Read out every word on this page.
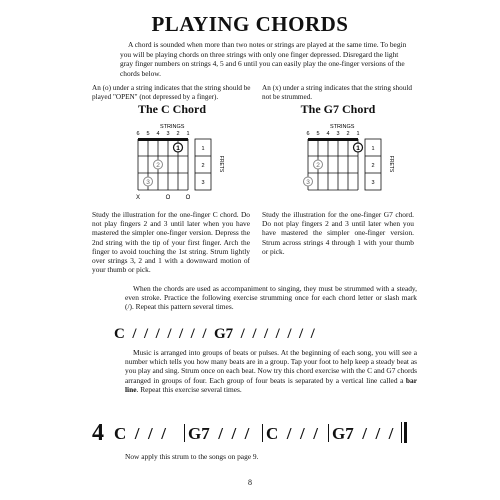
PLAYING CHORDS
A chord is sounded when more than two notes or strings are played at the same time. To begin you will be playing chords on three strings with only one finger depressed. Disregard the light gray finger numbers on strings 4, 5 and 6 until you can easily play the one-finger versions of the chords below.
An (o) under a string indicates that the string should be played "OPEN" (not depressed by a finger).
An (x) under a string indicates that the string should not be strummed.
The C Chord	The G7 Chord
STRINGS
6 5 4 3 2 1
1
2
3
X	O	O
1
2
3
FRETS
STRINGS
6 5 4 3 2 1
1
2
3
1
2
3
FRETS
Study the illustration for the one-finger C chord. Do not play fingers 2 and 3 until later when you have mastered the simpler one-finger version. Depress the 2nd string with the tip of your first finger. Arch the finger to avoid touching the 1st string. Strum lightly over strings 3, 2 and 1 with a downward motion of your thumb or pick.
Study the illustration for the one-finger G7 chord. Do not play fingers 2 and 3 until later when you have mastered the simpler one-finger version. Strum across strings 4 through 1 with your thumb or pick.
When the chords are used as accompaniment to singing, they must be strummed with a steady, even stroke. Practice the following exercise strumming once for each chord letter or slash mark (/). Repeat this pattern several times.
C  /  /  /  /  /  /  /  G7  /  /  /  /  /  /  /
Music is arranged into groups of beats or pulses. At the beginning of each song, you will see a number which tells you how many beats are in a group. Tap your foot to help keep a steady beat as you play and sing. Strum once on each beat. Now try this chord exercise with the C and G7 chords arranged in groups of four. Each group of four beats is separated by a vertical line called a bar line. Repeat this exercise several times.
4 C  /  /  / G7  /  /  / C  /  /  / G7  /  /  /
Now apply this strum to the songs on page 9.
8
